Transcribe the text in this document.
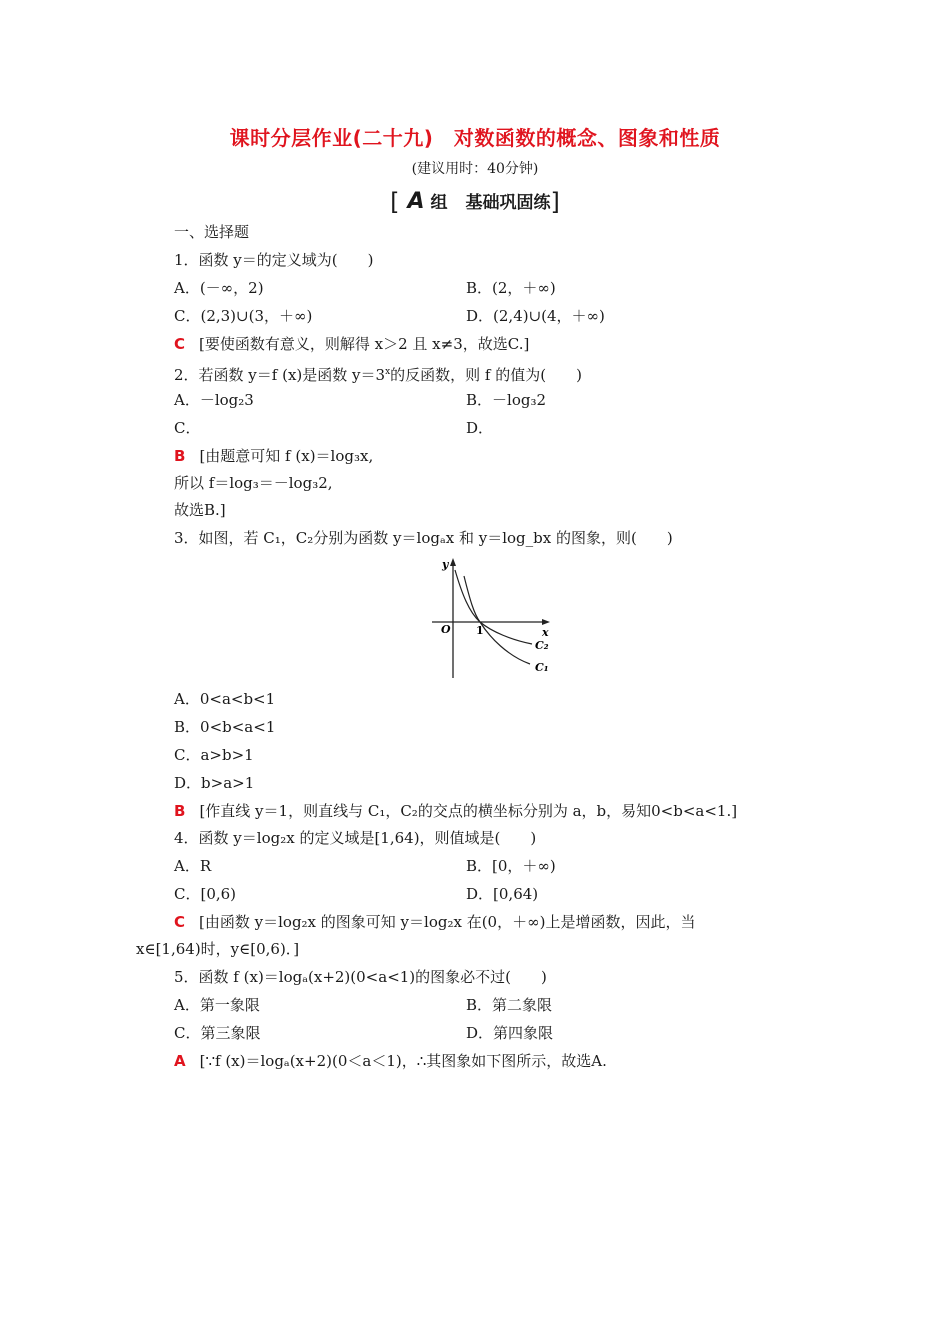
课时分层作业(二十九)　对数函数的概念、图象和性质
(建议用时：40分钟)
[ A 组 基础巩固练]
一、选择题
1．函数 y＝的定义域为(　　)
A．(－∞，2)	B．(2，＋∞)
C．(2,3)∪(3，＋∞)	D．(2,4)∪(4，＋∞)
C [要使函数有意义，则解得 x＞2 且 x≠3，故选C.]
2．若函数 y＝f (x)是函数 $y=3^x$的反函数，则 f 的值为(　　)
A．－log₂3	B．－log₃2
C．	D．
B [由题意可知 f (x)＝log₃x,
所以 f＝log₃＝－log₃2,
故选B.]
3．如图，若 C₁，C₂分别为函数 y＝logₐx 和 y＝log_bx 的图象，则(　　)
y
x
O 1
C₂
C₁
A．0<a<b<1
B．0<b<a<1
C．a>b>1
D．b>a>1
B [作直线 y＝1，则直线与 C₁，C₂的交点的横坐标分别为 a，b，易知0<b<a<1.]
4．函数 y＝log₂x 的定义域是[1,64)，则值域是(　　)
A．R	B．[0，＋∞)
C．[0,6)	D．[0,64)
C [由函数 y＝log₂x 的图象可知 y＝log₂x 在(0，＋∞)上是增函数，因此，当
x∈[1,64)时，y∈[0,6)．]
5．函数 f (x)＝logₐ(x+2)(0<a<1)的图象必不过(　　)
A．第一象限	B．第二象限
C．第三象限	D．第四象限
A [∵f (x)＝logₐ(x+2)(0＜a＜1)，∴其图象如下图所示，故选A.
